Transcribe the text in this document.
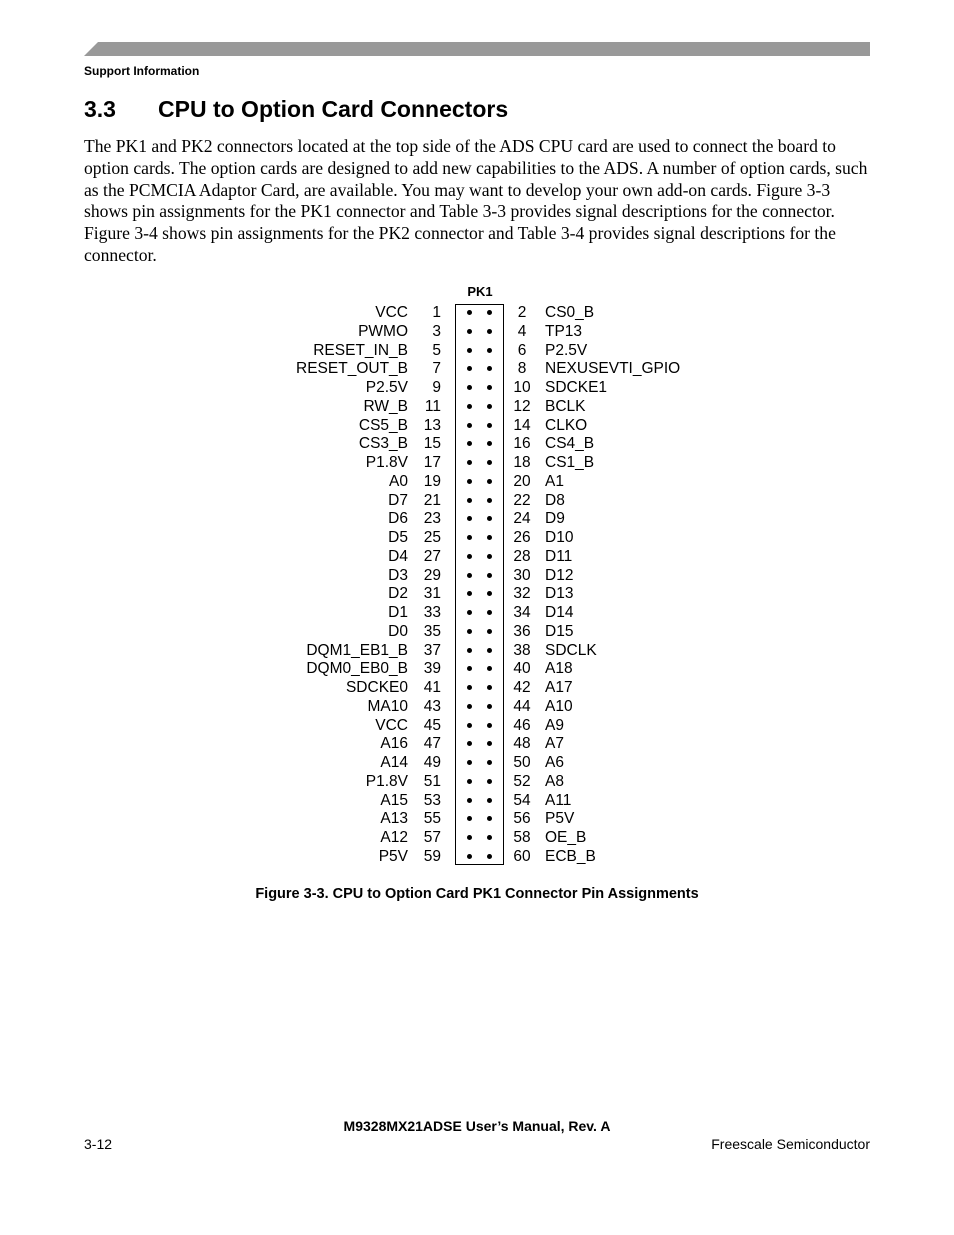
Support Information
3.3 CPU to Option Card Connectors

The PK1 and PK2 connectors located at the top side of the ADS CPU card are used to connect the board to option cards. The option cards are designed to add new capabilities to the ADS. A number of option cards, such as the PCMCIA Adaptor Card, are available. You may want to develop your own add-on cards. Figure 3-3 shows pin assignments for the PK1 connector and Table 3-3 provides signal descriptions for the connector. Figure 3-4 shows pin assignments for the PK2 connector and Table 3-4 provides signal descriptions for the connector.

PK1
VCC 1	2	CS0_B
PWMO 3	4	TP13
RESET_IN_B 5	6	P2.5V
RESET_OUT_B 7	8	NEXUSEVTI_GPIO
P2.5V 9	10 SDCKE1
RW_B 11	12 BCLK
CS5_B 13	14 CLKO
CS3_B 15	16 CS4_B
P1.8V 17	18 CS1_B
A0 19	20 A1
D7 21	22 D8
D6 23	24 D9
D5 25	26 D10
D4 27	28 D11
D3 29	30 D12
D2 31	32 D13
D1 33	34 D14
D0 35	36 D15
DQM1_EB1_B 37	38 SDCLK
DQM0_EB0_B 39	40 A18
SDCKE0 41	42 A17
MA10 43	44 A10
VCC 45	46 A9
A16 47	48 A7
A14 49	50 A6
P1.8V 51	52 A8
A15 53	54 A11
A13 55	56 P5V
A12 57	58 OE_B
P5V 59	60 ECB_B
Figure 3-3. CPU to Option Card PK1 Connector Pin Assignments
M9328MX21ADSE User’s Manual, Rev. A
3-12	Freescale Semiconductor
